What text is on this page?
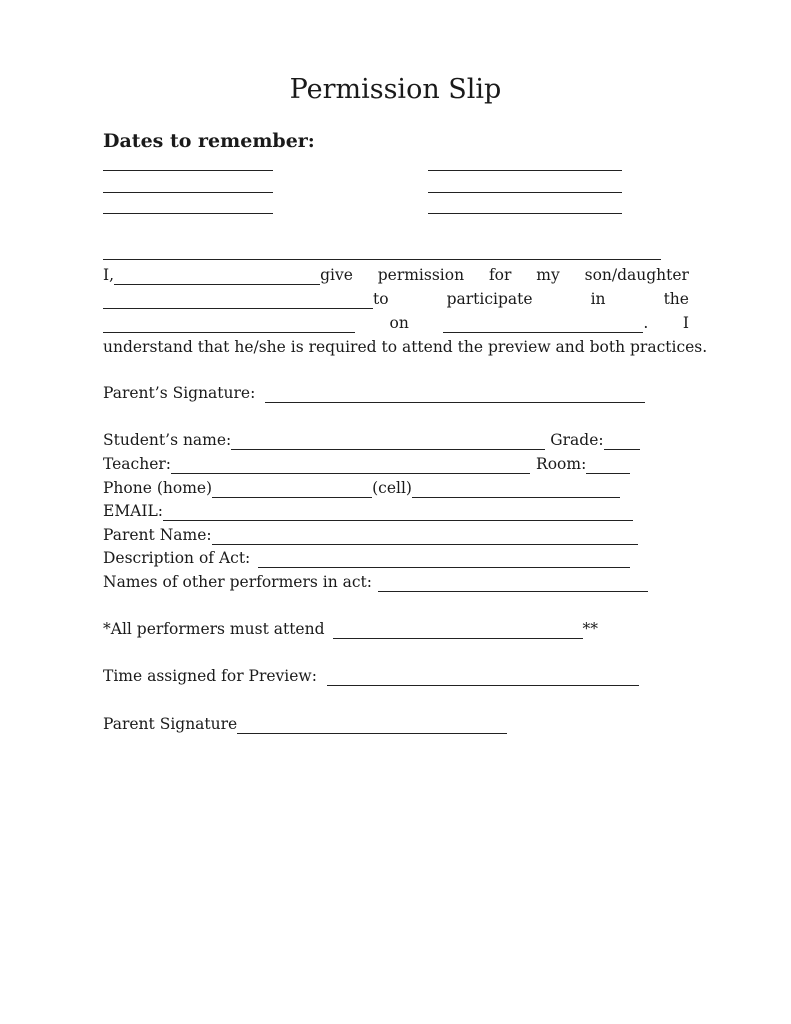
Permission Slip
Dates to remember:
I,	give permission for my son/daughter
to	participate	in	the
on	. I
understand that he/she is required to attend the preview and both practices.
Parent’s Signature:
Student’s name:	Grade:
Teacher:	Room:
Phone (home)	(cell)
EMAIL:
Parent Name:
Description of Act:
Names of other performers in act:
*All performers must attend	**
Time assigned for Preview:
Parent Signature
